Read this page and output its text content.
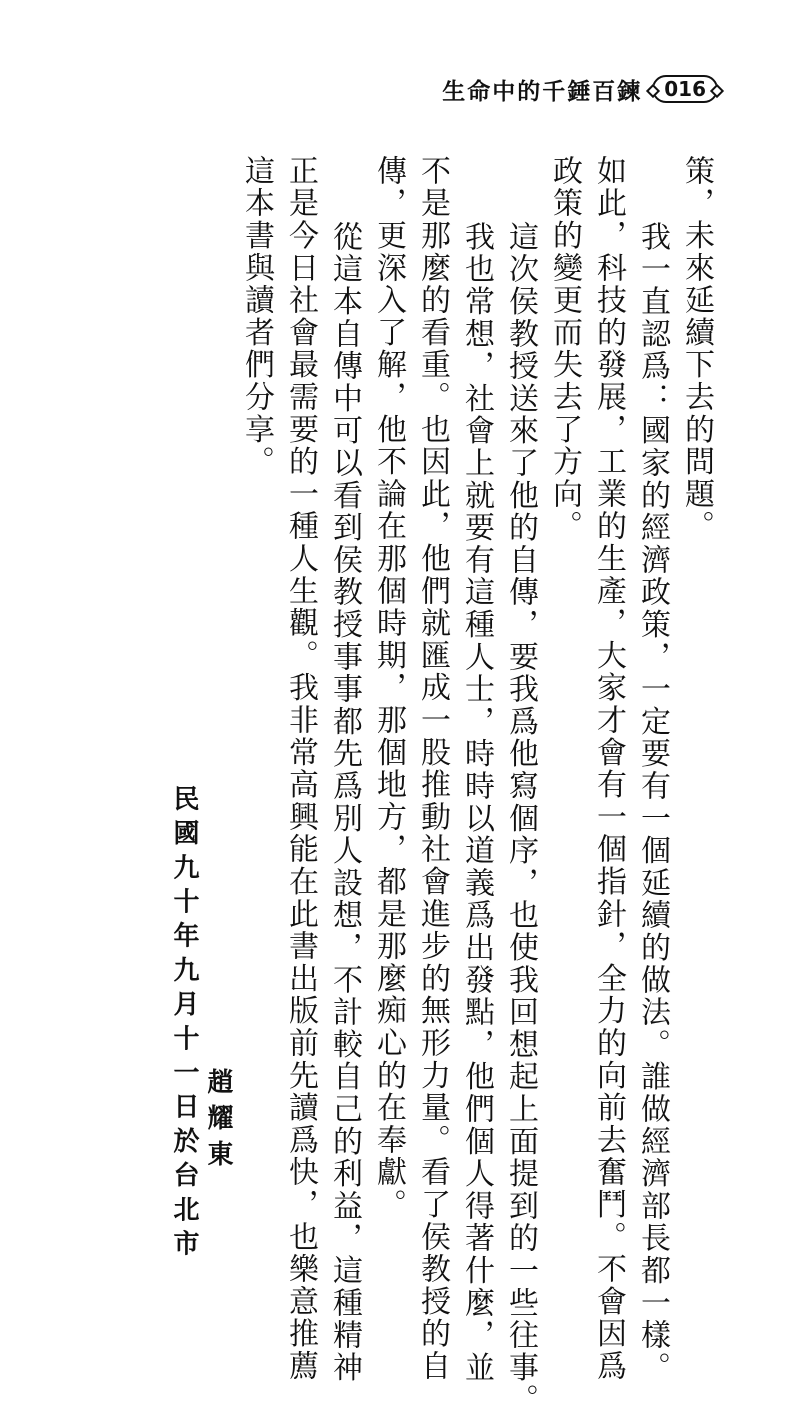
生命中的千錘百鍊	016
策，未來延續下去的問題。
我一直認爲：國家的經濟政策，一定要有一個延續的做法。誰做經濟部長都一樣。
如此，科技的發展，工業的生產，大家才會有一個指針，全力的向前去奮鬥。不會因爲
政策的變更而失去了方向。
這次侯教授送來了他的自傳，要我爲他寫個序，也使我回想起上面提到的一些往事。
我也常想，社會上就要有這種人士，時時以道義爲出發點，他們個人得著什麼，並
不是那麼的看重。也因此，他們就匯成一股推動社會進步的無形力量。看了侯教授的自
傳，更深入了解，他不論在那個時期，那個地方，都是那麼痴心的在奉獻。
從這本自傳中可以看到侯教授事事都先爲別人設想，不計較自己的利益，這種精神
正是今日社會最需要的一種人生觀。我非常高興能在此書出版前先讀爲快，也樂意推薦
這本書與讀者們分享。
趙耀東
民國九十年九月十一日於台北市
